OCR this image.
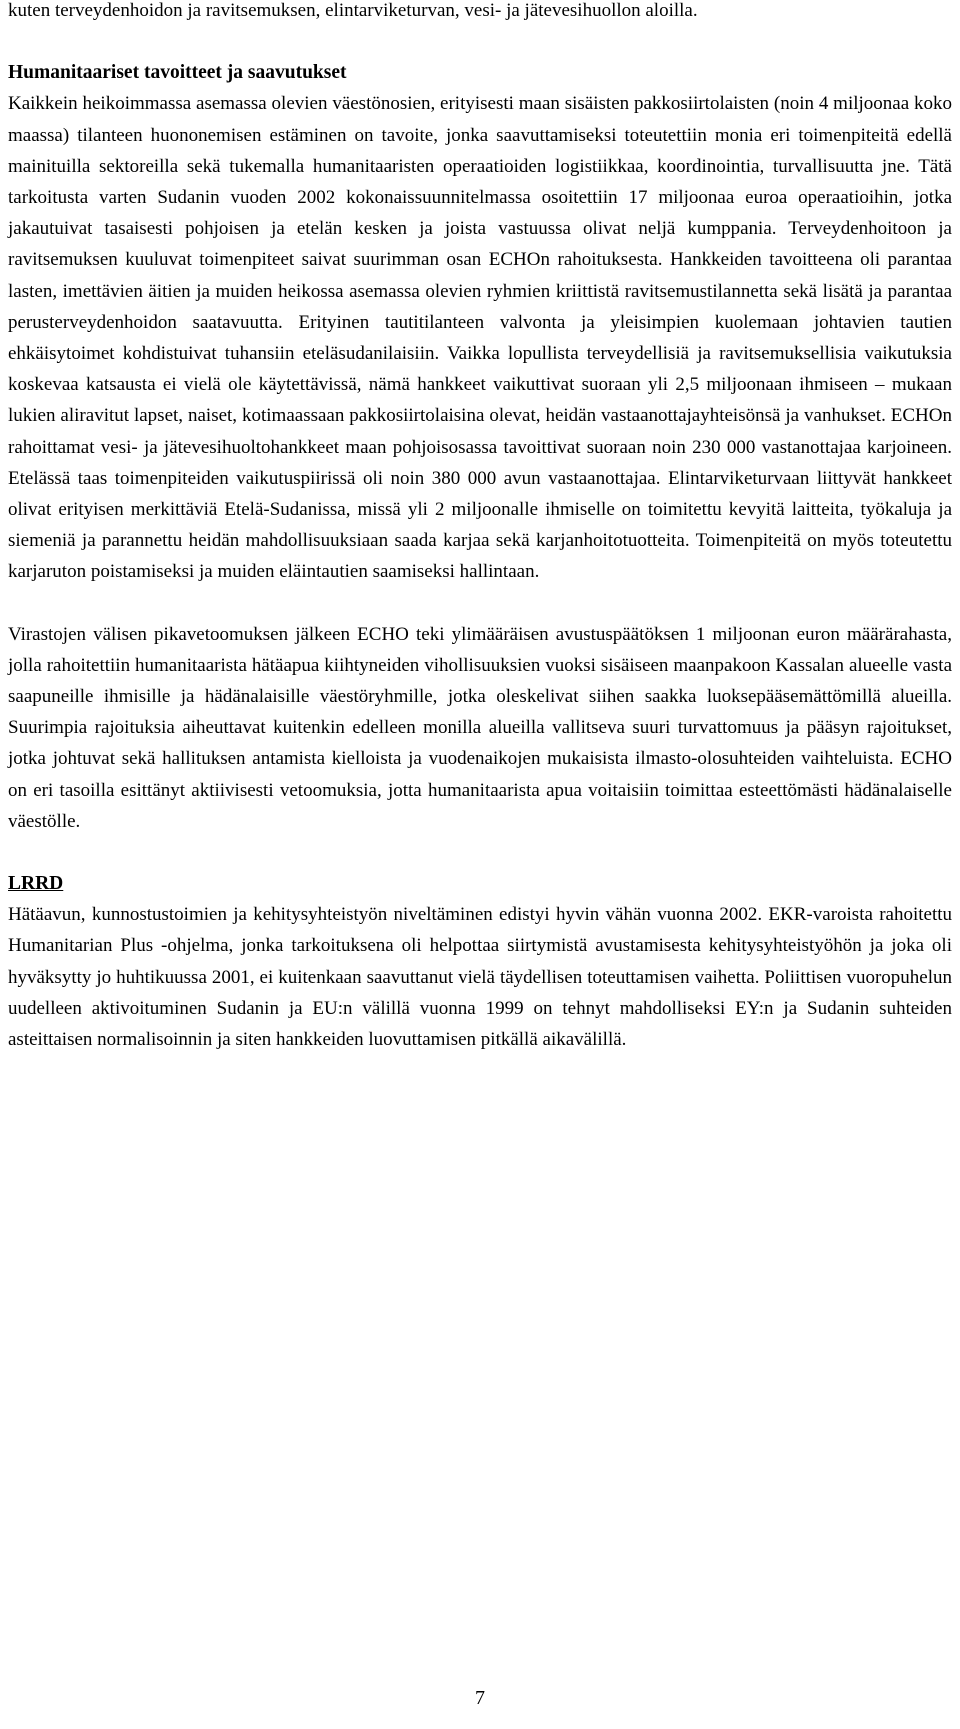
kuten terveydenhoidon ja ravitsemuksen, elintarviketurvan, vesi- ja jätevesihuollon aloilla.

Humanitaariset tavoitteet ja saavutukset

Kaikkein heikoimmassa asemassa olevien väestönosien, erityisesti maan sisäisten pakkosiirtolaisten (noin 4 miljoonaa koko maassa) tilanteen huononemisen estäminen on tavoite, jonka saavuttamiseksi toteutettiin monia eri toimenpiteitä edellä mainituilla sektoreilla sekä tukemalla humanitaaristen operaatioiden logistiikkaa, koordinointia, turvallisuutta jne. Tätä tarkoitusta varten Sudanin vuoden 2002 kokonaissuunnitelmassa osoitettiin 17 miljoonaa euroa operaatioihin, jotka jakautuivat tasaisesti pohjoisen ja etelän kesken ja joista vastuussa olivat neljä kumppania. Terveydenhoitoon ja ravitsemuksen kuuluvat toimenpiteet saivat suurimman osan ECHOn rahoituksesta. Hankkeiden tavoitteena oli parantaa lasten, imettävien äitien ja muiden heikossa asemassa olevien ryhmien kriittistä ravitsemustilannetta sekä lisätä ja parantaa perusterveydenhoidon saatavuutta. Erityinen tautitilanteen valvonta ja yleisimpien kuolemaan johtavien tautien ehkäisytoimet kohdistuivat tuhansiin eteläsudanilaisiin. Vaikka lopullista terveydellisiä ja ravitsemuksellisia vaikutuksia koskevaa katsausta ei vielä ole käytettävissä, nämä hankkeet vaikuttivat suoraan yli 2,5 miljoonaan ihmiseen – mukaan lukien aliravitut lapset, naiset, kotimaassaan pakkosiirtolaisina olevat, heidän vastaanottajayhteisönsä ja vanhukset. ECHOn rahoittamat vesi- ja jätevesihuoltohankkeet maan pohjoisosassa tavoittivat suoraan noin 230 000 vastanottajaa karjoineen. Etelässä taas toimenpiteiden vaikutuspiirissä oli noin 380 000 avun vastaanottajaa. Elintarviketurvaan liittyvät hankkeet olivat erityisen merkittäviä Etelä-Sudanissa, missä yli 2 miljoonalle ihmiselle on toimitettu kevyitä laitteita, työkaluja ja siemeniä ja parannettu heidän mahdollisuuksiaan saada karjaa sekä karjanhoitotuotteita. Toimenpiteitä on myös toteutettu karjaruton poistamiseksi ja muiden eläintautien saamiseksi hallintaan.

Virastojen välisen pikavetoomuksen jälkeen ECHO teki ylimääräisen avustuspäätöksen 1 miljoonan euron määrärahasta, jolla rahoitettiin humanitaarista hätäapua kiihtyneiden vihollisuuksien vuoksi sisäiseen maanpakoon Kassalan alueelle vasta saapuneille ihmisille ja hädänalaisille väestöryhmille, jotka oleskelivat siihen saakka luoksepääsemättömillä alueilla. Suurimpia rajoituksia aiheuttavat kuitenkin edelleen monilla alueilla vallitseva suuri turvattomuus ja pääsyn rajoitukset, jotka johtuvat sekä hallituksen antamista kielloista ja vuodenaikojen mukaisista ilmasto-olosuhteiden vaihteluista. ECHO on eri tasoilla esittänyt aktiivisesti vetoomuksia, jotta humanitaarista apua voitaisiin toimittaa esteettömästi hädänalaiselle väestölle.

LRRD

Hätäavun, kunnostustoimien ja kehitysyhteistyön niveltäminen edistyi hyvin vähän vuonna 2002. EKR-varoista rahoitettu Humanitarian Plus -ohjelma, jonka tarkoituksena oli helpottaa siirtymistä avustamisesta kehitysyhteistyöhön ja joka oli hyväksytty jo huhtikuussa 2001, ei kuitenkaan saavuttanut vielä täydellisen toteuttamisen vaihetta. Poliittisen vuoropuhelun uudelleen aktivoituminen Sudanin ja EU:n välillä vuonna 1999 on tehnyt mahdolliseksi EY:n ja Sudanin suhteiden asteittaisen normalisoinnin ja siten hankkeiden luovuttamisen pitkällä aikavälillä.

7
